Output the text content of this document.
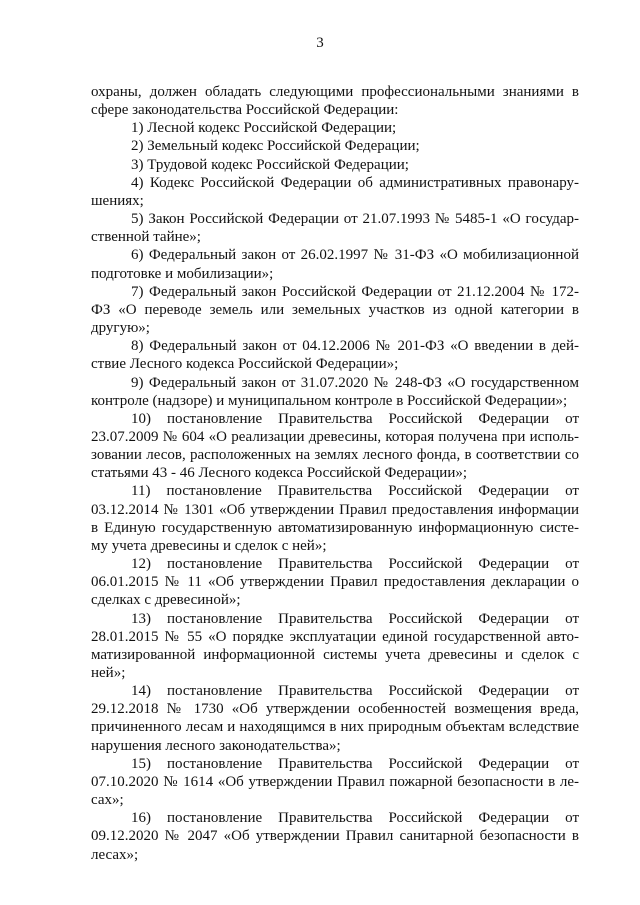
3

охраны, должен обладать следующими профессиональными знаниями в сфере законодательства Российской Федерации:

1) Лесной кодекс Российской Федерации;

2) Земельный кодекс Российской Федерации;

3) Трудовой кодекс Российской Федерации;

4) Кодекс Российской Федерации об административных правонарушениях;

5) Закон Российской Федерации от 21.07.1993 № 5485-1 «О государственной тайне»;

6) Федеральный закон от 26.02.1997 № 31-ФЗ «О мобилизационной подготовке и мобилизации»;

7) Федеральный закон Российской Федерации от 21.12.2004 № 172-ФЗ «О переводе земель или земельных участков из одной категории в другую»;

8) Федеральный закон от 04.12.2006 № 201-ФЗ «О введении в действие Лесного кодекса Российской Федерации»;

9) Федеральный закон от 31.07.2020 № 248-ФЗ «О государственном контроле (надзоре) и муниципальном контроле в Российской Федерации»;

10) постановление Правительства Российской Федерации от 23.07.2009 № 604 «О реализации древесины, которая получена при использовании лесов, расположенных на землях лесного фонда, в соответствии со статьями 43 - 46 Лесного кодекса Российской Федерации»;

11) постановление Правительства Российской Федерации от 03.12.2014 № 1301 «Об утверждении Правил предоставления информации в Единую государственную автоматизированную информационную систему учета древесины и сделок с ней»;

12) постановление Правительства Российской Федерации от 06.01.2015 № 11 «Об утверждении Правил предоставления декларации о сделках с древесиной»;

13) постановление Правительства Российской Федерации от 28.01.2015 № 55 «О порядке эксплуатации единой государственной автоматизированной информационной системы учета древесины и сделок с ней»;

14) постановление Правительства Российской Федерации от 29.12.2018 № 1730 «Об утверждении особенностей возмещения вреда, причиненного лесам и находящимся в них природным объектам вследствие нарушения лесного законодательства»;

15) постановление Правительства Российской Федерации от 07.10.2020 № 1614 «Об утверждении Правил пожарной безопасности в лесах»;

16) постановление Правительства Российской Федерации от 09.12.2020 № 2047 «Об утверждении Правил санитарной безопасности в лесах»;
